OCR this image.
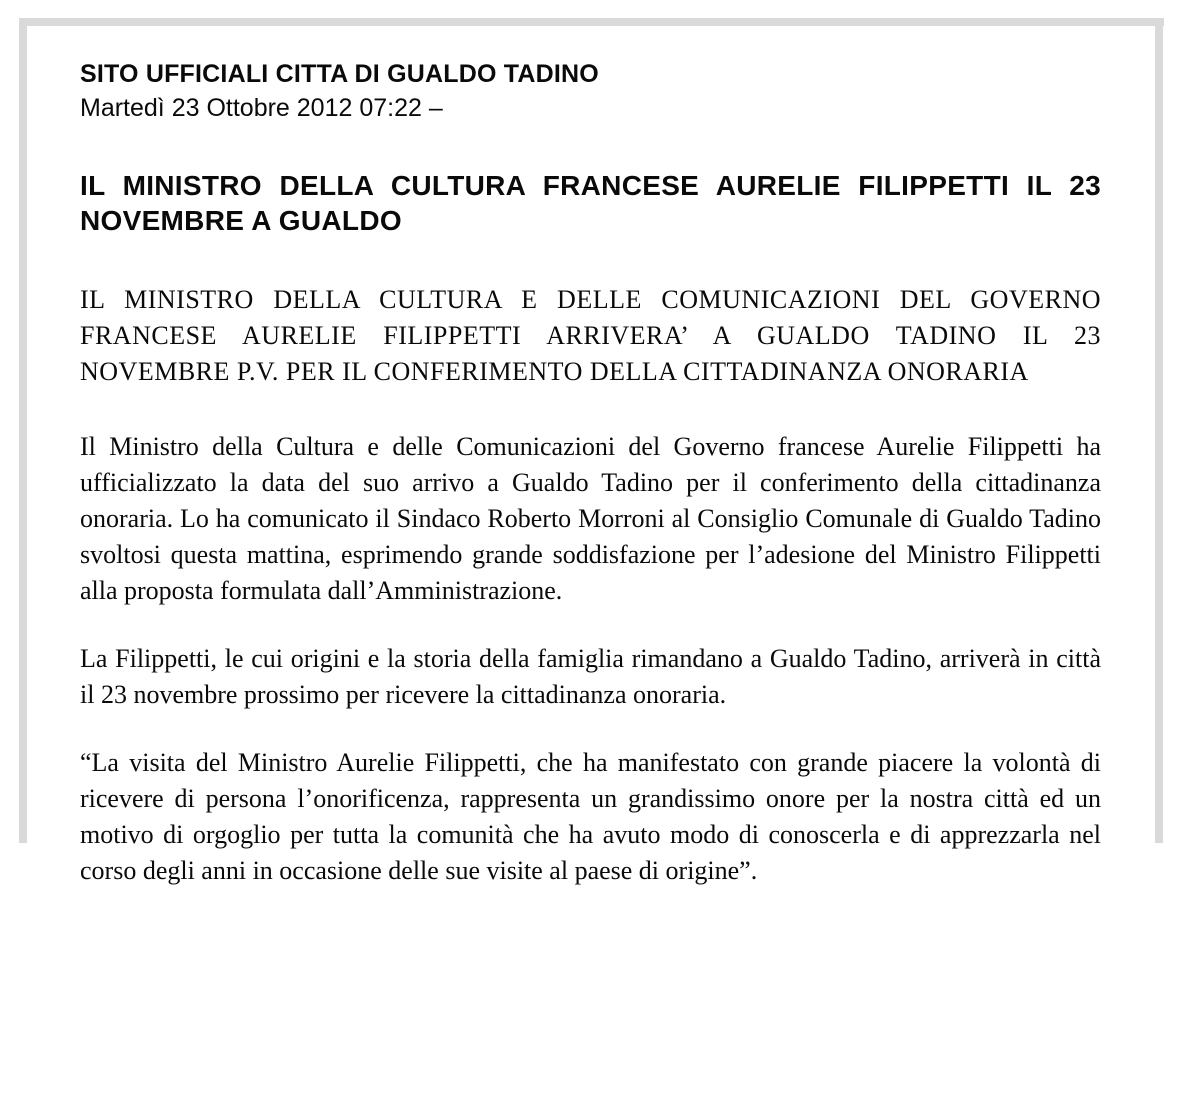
SITO UFFICIALI CITTA DI GUALDO TADINO
Martedì 23 Ottobre 2012 07:22 –
IL MINISTRO DELLA CULTURA FRANCESE AURELIE FILIPPETTI IL 23 NOVEMBRE A GUALDO

IL MINISTRO DELLA CULTURA E DELLE COMUNICAZIONI DEL GOVERNO FRANCESE AURELIE FILIPPETTI ARRIVERA’ A GUALDO TADINO IL 23 NOVEMBRE P.V. PER IL CONFERIMENTO DELLA CITTADINANZA ONORARIA

Il Ministro della Cultura e delle Comunicazioni del Governo francese Aurelie Filippetti ha ufficializzato la data del suo arrivo a Gualdo Tadino per il conferimento della cittadinanza onoraria. Lo ha comunicato il Sindaco Roberto Morroni al Consiglio Comunale di Gualdo Tadino svoltosi questa mattina, esprimendo grande soddisfazione per l’adesione del Ministro Filippetti alla proposta formulata dall’Amministrazione.

La Filippetti, le cui origini e la storia della famiglia rimandano a Gualdo Tadino, arriverà in città il 23 novembre prossimo per ricevere la cittadinanza onoraria.

“La visita del Ministro Aurelie Filippetti, che ha manifestato con grande piacere la volontà di ricevere di persona l’onorificenza, rappresenta un grandissimo onore per la nostra città ed un motivo di orgoglio per tutta la comunità che ha avuto modo di conoscerla e di apprezzarla nel corso degli anni in occasione delle sue visite al paese di origine”.
